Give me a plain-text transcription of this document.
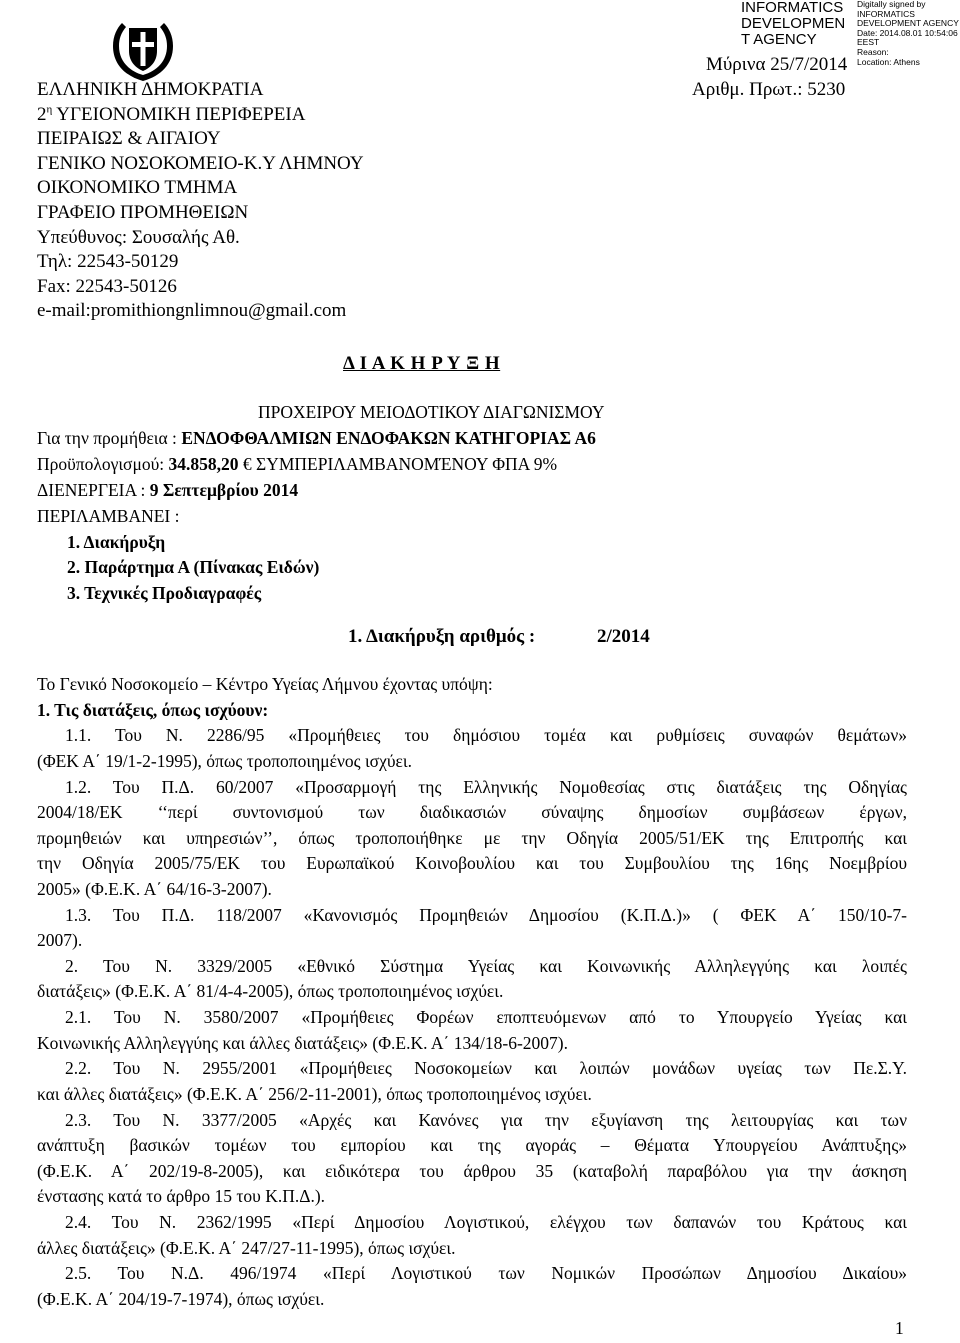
INFORMATICS
DEVELOPMEN
T AGENCY
Digitally signed by
INFORMATICS
DEVELOPMENT AGENCY
Date: 2014.08.01 10:54:06
EEST
Reason:
Location: Athens
Μύρινα 25/7/2014
Αριθμ. Πρωτ.: 5230
ΕΛΛΗΝΙΚΗ ΔΗΜΟΚΡΑΤΙΑ
$2^\eta$ ΥΓΕΙΟΝΟΜΙΚΗ ΠΕΡΙΦΕΡΕΙΑ
ΠΕΙΡΑΙΩΣ & ΑΙΓΑΙΟΥ
ΓΕΝΙΚΟ ΝΟΣΟΚΟΜΕΙΟ-Κ.Υ ΛΗΜΝΟΥ
ΟΙΚΟΝΟΜΙΚΟ ΤΜΗΜΑ
ΓΡΑΦΕΙΟ ΠΡΟΜΗΘΕΙΩΝ
Υπεύθυνος: Σουσαλής Αθ.
Τηλ: 22543-50129
Fax: 22543-50126
e-mail:promithiongnlimnou@gmail.com
Δ Ι Α Κ Η Ρ Υ Ξ Η
ΠΡΟΧΕΙΡΟΥ ΜΕΙΟΔΟΤΙΚΟΥ ΔΙΑΓΩΝΙΣΜΟΥ
Για την προμήθεια : ΕΝΔΟΦΘΑΛΜΙΩΝ ΕΝΔΟΦΑΚΩΝ ΚΑΤΗΓΟΡΙΑΣ Α6
Προϋπολογισμού: 34.858,20 € ΣΥΜΠΕΡΙΛΑΜΒΑΝΟΜΈΝΟΥ ΦΠΑ 9%
ΔΙΕΝΕΡΓΕΙΑ : 9 Σεπτεμβρίου 2014
ΠΕΡΙΛΑΜΒΑΝΕΙ :
1. Διακήρυξη
2. Παράρτημα Α (Πίνακας Ειδών)
3. Τεχνικές Προδιαγραφές
1. Διακήρυξη αριθμός :	2/2014
Το Γενικό Νοσοκομείο – Κέντρο Υγείας Λήμνου έχοντας υπόψη:
1. Τις διατάξεις, όπως ισχύουν:
1.1. Του Ν. 2286/95 «Προμήθειες του δημόσιου τομέα και ρυθμίσεις συναφών θεμάτων»
(ΦΕΚ Α΄ 19/1-2-1995), όπως τροποποιημένος ισχύει.
1.2. Του Π.Δ. 60/2007 «Προσαρμογή της Ελληνικής Νομοθεσίας στις διατάξεις της Οδηγίας
2004/18/ΕΚ ‘‘περί συντονισμού των διαδικασιών σύναψης δημοσίων συμβάσεων έργων,
προμηθειών και υπηρεσιών’’, όπως τροποποιήθηκε με την Οδηγία 2005/51/ΕΚ της Επιτροπής και
την Οδηγία 2005/75/ΕΚ του Ευρωπαϊκού Κοινοβουλίου και του Συμβουλίου της 16ης Νοεμβρίου
2005» (Φ.Ε.Κ. Α΄ 64/16-3-2007).
1.3. Του Π.Δ. 118/2007 «Κανονισμός Προμηθειών Δημοσίου (Κ.Π.Δ.)» ( ΦΕΚ Α΄ 150/10-7-
2007).
2. Του Ν. 3329/2005 «Εθνικό Σύστημα Υγείας και Κοινωνικής Αλληλεγγύης και λοιπές
διατάξεις» (Φ.Ε.Κ. Α΄ 81/4-4-2005), όπως τροποποιημένος ισχύει.
2.1. Του Ν. 3580/2007 «Προμήθειες Φορέων εποπτευόμενων από το Υπουργείο Υγείας και
Κοινωνικής Αλληλεγγύης και άλλες διατάξεις» (Φ.Ε.Κ. Α΄ 134/18-6-2007).
2.2. Του Ν. 2955/2001 «Προμήθειες Νοσοκομείων και λοιπών μονάδων υγείας των Πε.Σ.Υ.
και άλλες διατάξεις» (Φ.Ε.Κ. Α΄ 256/2-11-2001), όπως τροποποιημένος ισχύει.
2.3. Του Ν. 3377/2005 «Αρχές και Κανόνες για την εξυγίανση της λειτουργίας και των
ανάπτυξη βασικών τομέων του εμπορίου και της αγοράς – Θέματα Υπουργείου Ανάπτυξης»
(Φ.Ε.Κ. Α΄ 202/19-8-2005), και ειδικότερα του άρθρου 35 (καταβολή παραβόλου για την άσκηση
ένστασης κατά το άρθρο 15 του Κ.Π.Δ.).
2.4. Του Ν. 2362/1995 «Περί Δημοσίου Λογιστικού, ελέγχου των δαπανών του Κράτους και
άλλες διατάξεις» (Φ.Ε.Κ. Α΄ 247/27-11-1995), όπως ισχύει.
2.5. Του Ν.Δ. 496/1974 «Περί Λογιστικού των Νομικών Προσώπων Δημοσίου Δικαίου»
(Φ.Ε.Κ. Α΄ 204/19-7-1974), όπως ισχύει.
1
